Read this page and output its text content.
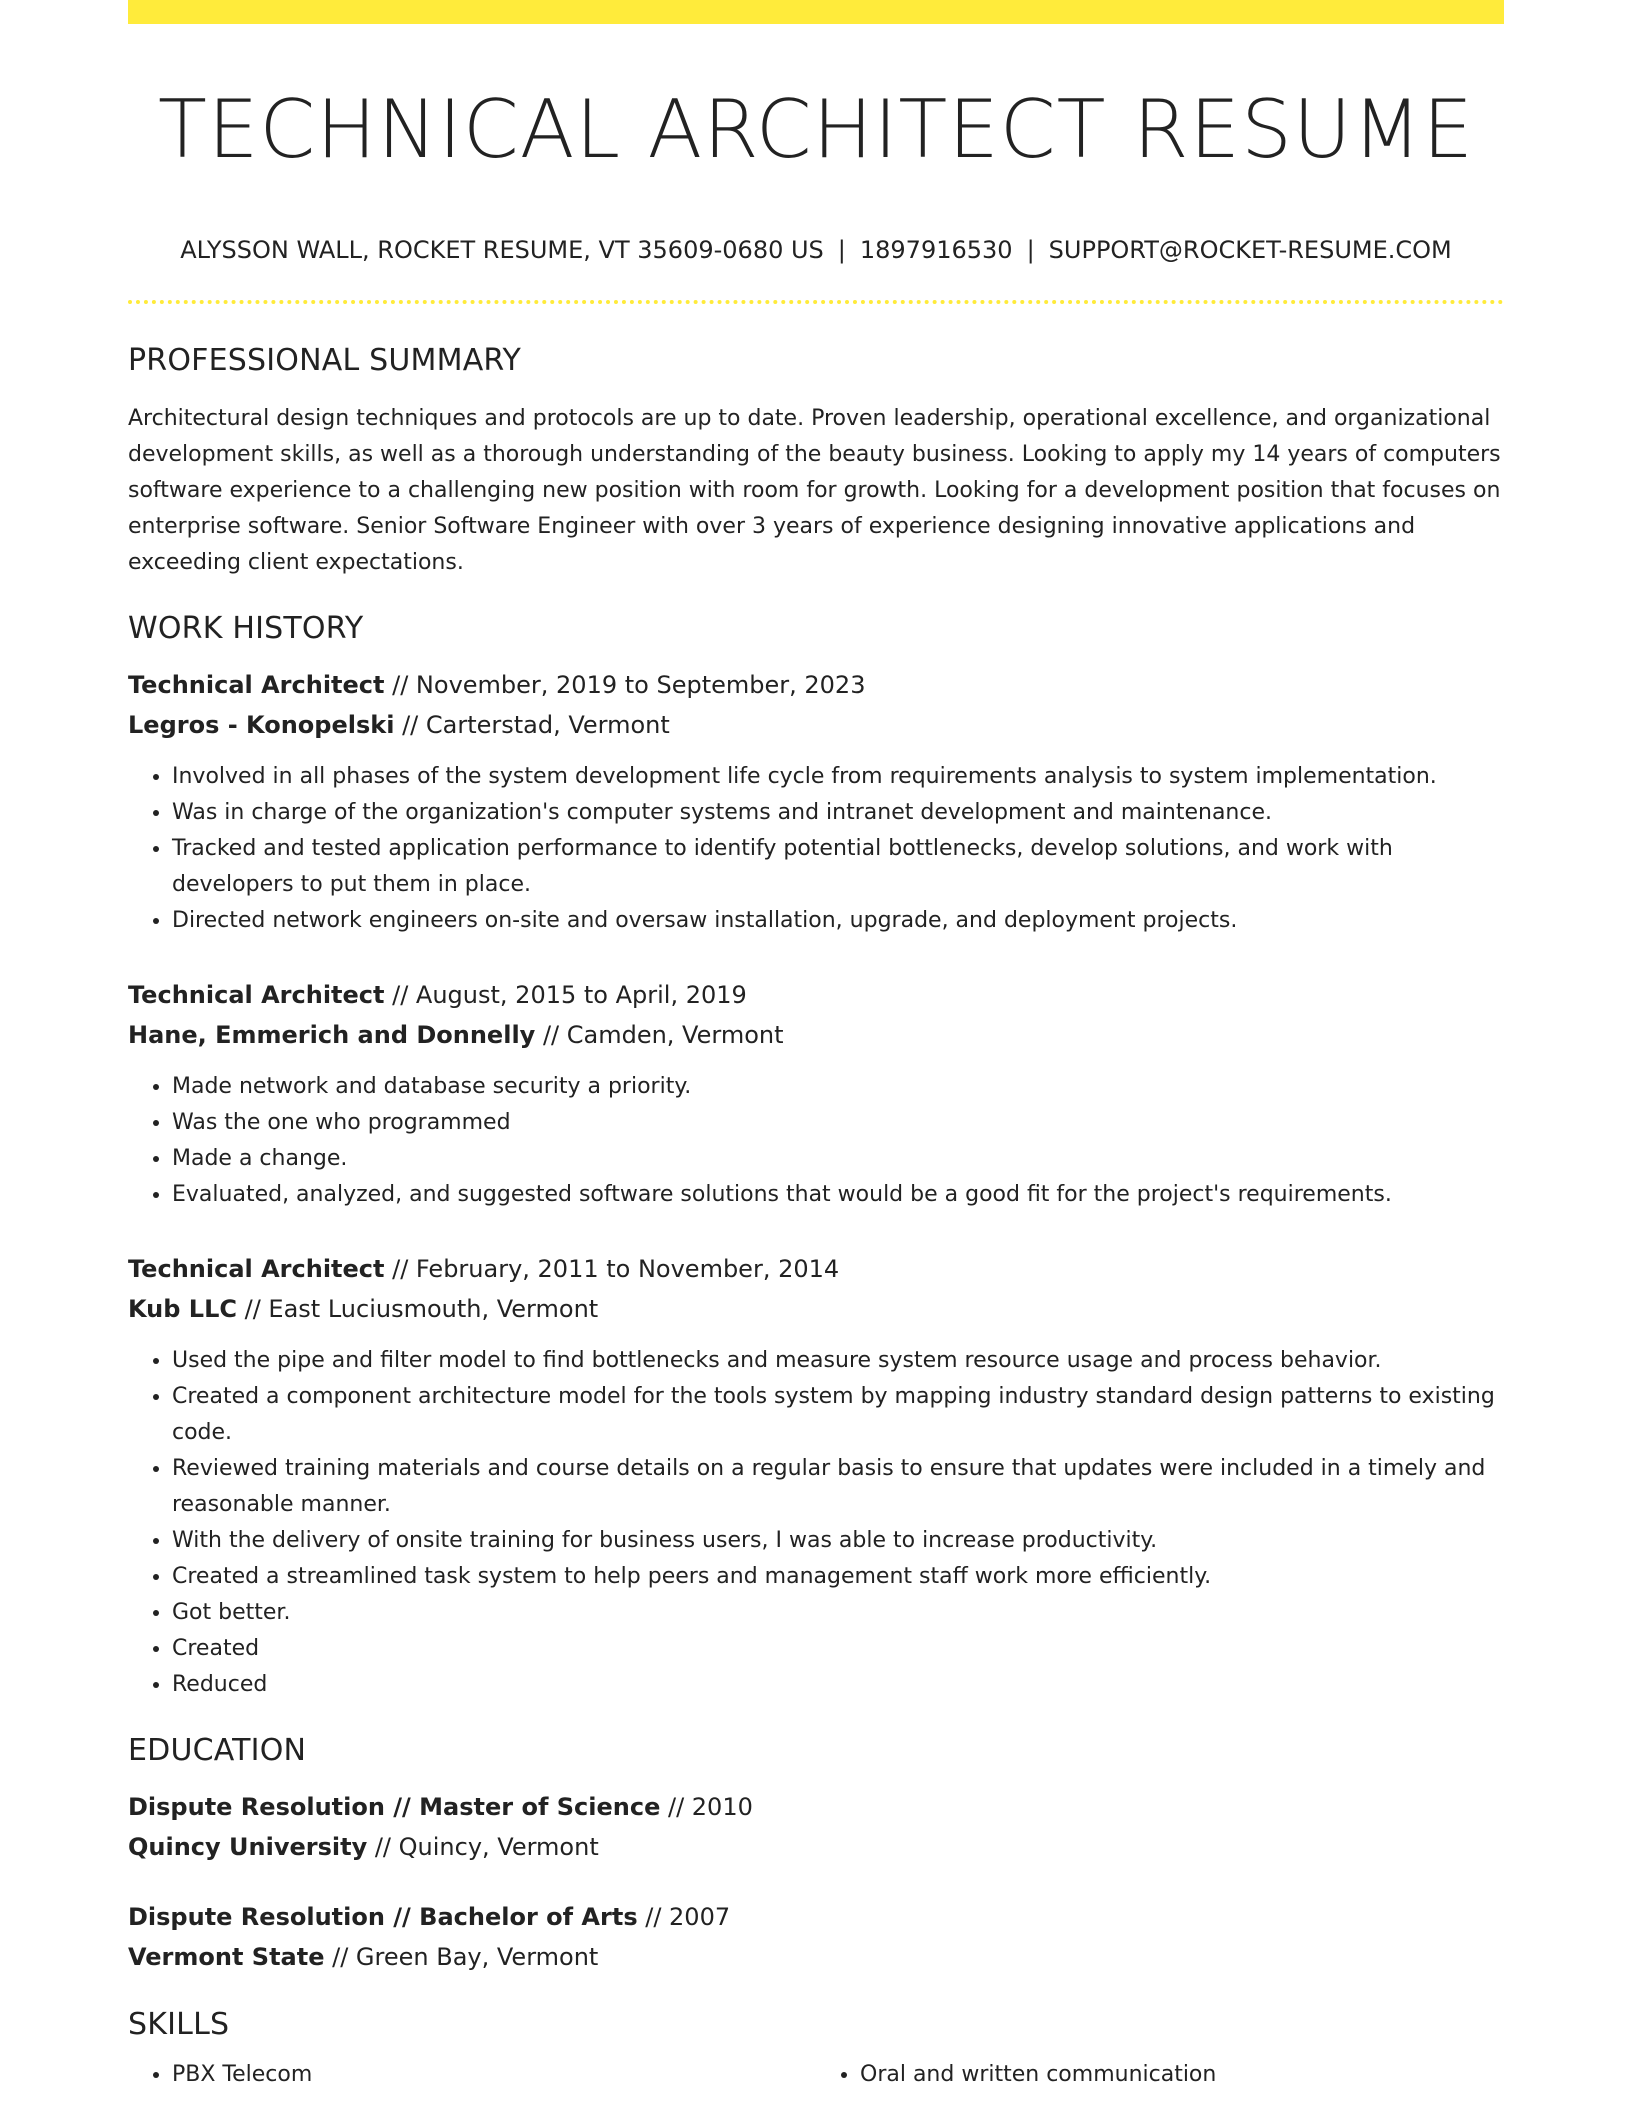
TECHNICAL ARCHITECT RESUME
ALYSSON WALL, ROCKET RESUME, VT 35609-0680 US | 1897916530 | SUPPORT@ROCKET-RESUME.COM
PROFESSIONAL SUMMARY
Architectural design techniques and protocols are up to date. Proven leadership, operational excellence, and organizational development skills, as well as a thorough understanding of the beauty business. Looking to apply my 14 years of computers software experience to a challenging new position with room for growth. Looking for a development position that focuses on enterprise software. Senior Software Engineer with over 3 years of experience designing innovative applications and exceeding client expectations.
WORK HISTORY
Technical Architect // November, 2019 to September, 2023
Legros - Konopelski // Carterstad, Vermont
• Involved in all phases of the system development life cycle from requirements analysis to system implementation.
• Was in charge of the organization's computer systems and intranet development and maintenance.
• Tracked and tested application performance to identify potential bottlenecks, develop solutions, and work with developers to put them in place.
• Directed network engineers on-site and oversaw installation, upgrade, and deployment projects.
Technical Architect // August, 2015 to April, 2019
Hane, Emmerich and Donnelly // Camden, Vermont
• Made network and database security a priority.
• Was the one who programmed
• Made a change.
• Evaluated, analyzed, and suggested software solutions that would be a good fit for the project's requirements.
Technical Architect // February, 2011 to November, 2014
Kub LLC // East Luciusmouth, Vermont
• Used the pipe and filter model to find bottlenecks and measure system resource usage and process behavior.
• Created a component architecture model for the tools system by mapping industry standard design patterns to existing code.
• Reviewed training materials and course details on a regular basis to ensure that updates were included in a timely and reasonable manner.
• With the delivery of onsite training for business users, I was able to increase productivity.
• Created a streamlined task system to help peers and management staff work more efficiently.
• Got better.
• Created
• Reduced
EDUCATION
Dispute Resolution // Master of Science // 2010
Quincy University // Quincy, Vermont
Dispute Resolution // Bachelor of Arts // 2007
Vermont State // Green Bay, Vermont
SKILLS
• PBX Telecom
•	Oral and written communication
